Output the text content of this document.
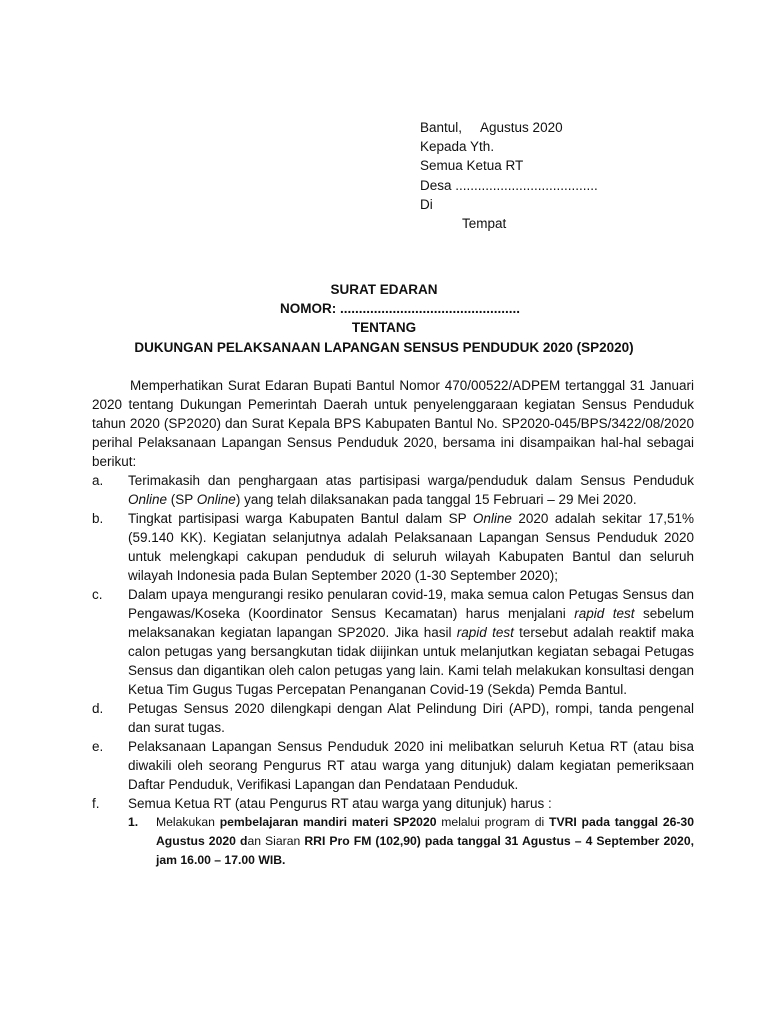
Bantul, Agustus 2020
Kepada Yth.
Semua Ketua RT
Desa ......................................
Di
Tempat
SURAT EDARAN
NOMOR: ................................................
TENTANG
DUKUNGAN PELAKSANAAN LAPANGAN SENSUS PENDUDUK 2020 (SP2020)

Memperhatikan Surat Edaran Bupati Bantul Nomor 470/00522/ADPEM tertanggal 31 Januari 2020 tentang Dukungan Pemerintah Daerah untuk penyelenggaraan kegiatan Sensus Penduduk tahun 2020 (SP2020) dan Surat Kepala BPS Kabupaten Bantul No. SP2020-045/BPS/3422/08/2020 perihal Pelaksanaan Lapangan Sensus Penduduk 2020, bersama ini disampaikan hal-hal sebagai berikut:

a.	Terimakasih dan penghargaan atas partisipasi warga/penduduk dalam Sensus Penduduk Online (SP Online) yang telah dilaksanakan pada tanggal 15 Februari – 29 Mei 2020.
b.	Tingkat partisipasi warga Kabupaten Bantul dalam SP Online 2020 adalah sekitar 17,51% (59.140 KK). Kegiatan selanjutnya adalah Pelaksanaan Lapangan Sensus Penduduk 2020 untuk melengkapi cakupan penduduk di seluruh wilayah Kabupaten Bantul dan seluruh wilayah Indonesia pada Bulan September 2020 (1-30 September 2020);
c.	Dalam upaya mengurangi resiko penularan covid-19, maka semua calon Petugas Sensus dan Pengawas/Koseka (Koordinator Sensus Kecamatan) harus menjalani rapid test sebelum melaksanakan kegiatan lapangan SP2020. Jika hasil rapid test tersebut adalah reaktif maka calon petugas yang bersangkutan tidak diijinkan untuk melanjutkan kegiatan sebagai Petugas Sensus dan digantikan oleh calon petugas yang lain. Kami telah melakukan konsultasi dengan Ketua Tim Gugus Tugas Percepatan Penanganan Covid-19 (Sekda) Pemda Bantul.
d.	Petugas Sensus 2020 dilengkapi dengan Alat Pelindung Diri (APD), rompi, tanda pengenal dan surat tugas.
e.	Pelaksanaan Lapangan Sensus Penduduk 2020 ini melibatkan seluruh Ketua RT (atau bisa diwakili oleh seorang Pengurus RT atau warga yang ditunjuk) dalam kegiatan pemeriksaan Daftar Penduduk, Verifikasi Lapangan dan Pendataan Penduduk.
f.	Semua Ketua RT (atau Pengurus RT atau warga yang ditunjuk) harus :
1. Melakukan pembelajaran mandiri materi SP2020 melalui program di TVRI pada tanggal 26-30 Agustus 2020 dan Siaran RRI Pro FM (102,90) pada tanggal 31 Agustus – 4 September 2020, jam 16.00 – 17.00 WIB.
